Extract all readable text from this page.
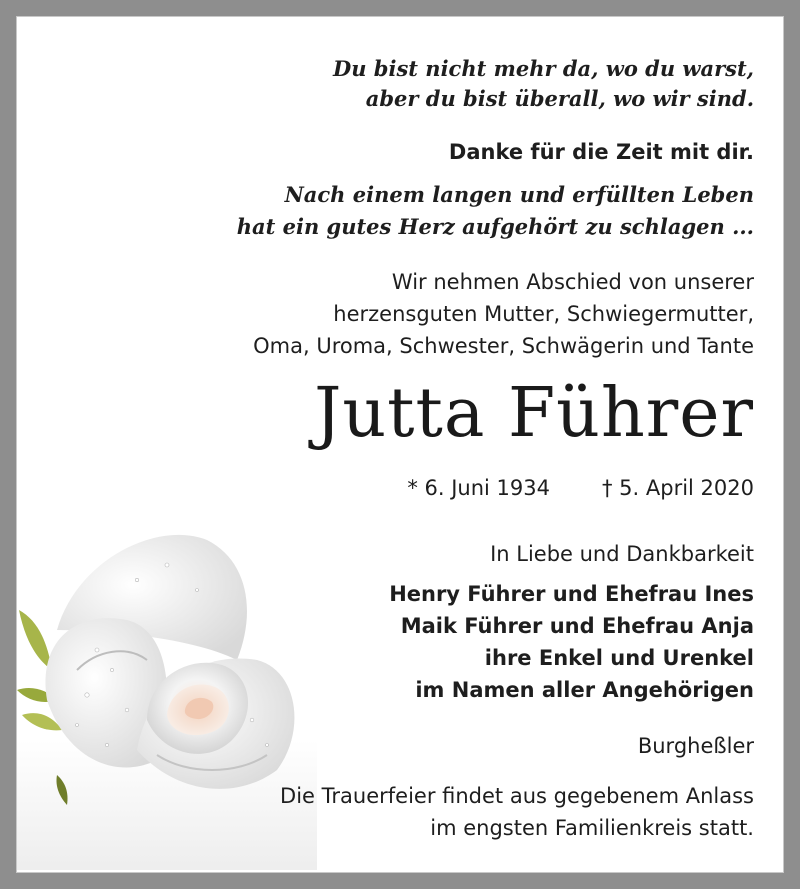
Du bist nicht mehr da, wo du warst,
aber du bist überall, wo wir sind.
Danke für die Zeit mit dir.
Nach einem langen und erfüllten Leben
hat ein gutes Herz aufgehört zu schlagen ...
Wir nehmen Abschied von unserer
herzensguten Mutter, Schwiegermutter,
Oma, Uroma, Schwester, Schwägerin und Tante
Jutta Führer
* 6. Juni 1934 † 5. April 2020
In Liebe und Dankbarkeit
Henry Führer und Ehefrau Ines
Maik Führer und Ehefrau Anja
ihre Enkel und Urenkel
im Namen aller Angehörigen
Burgheßler
Die Trauerfeier findet aus gegebenem Anlass
im engsten Familienkreis statt.
